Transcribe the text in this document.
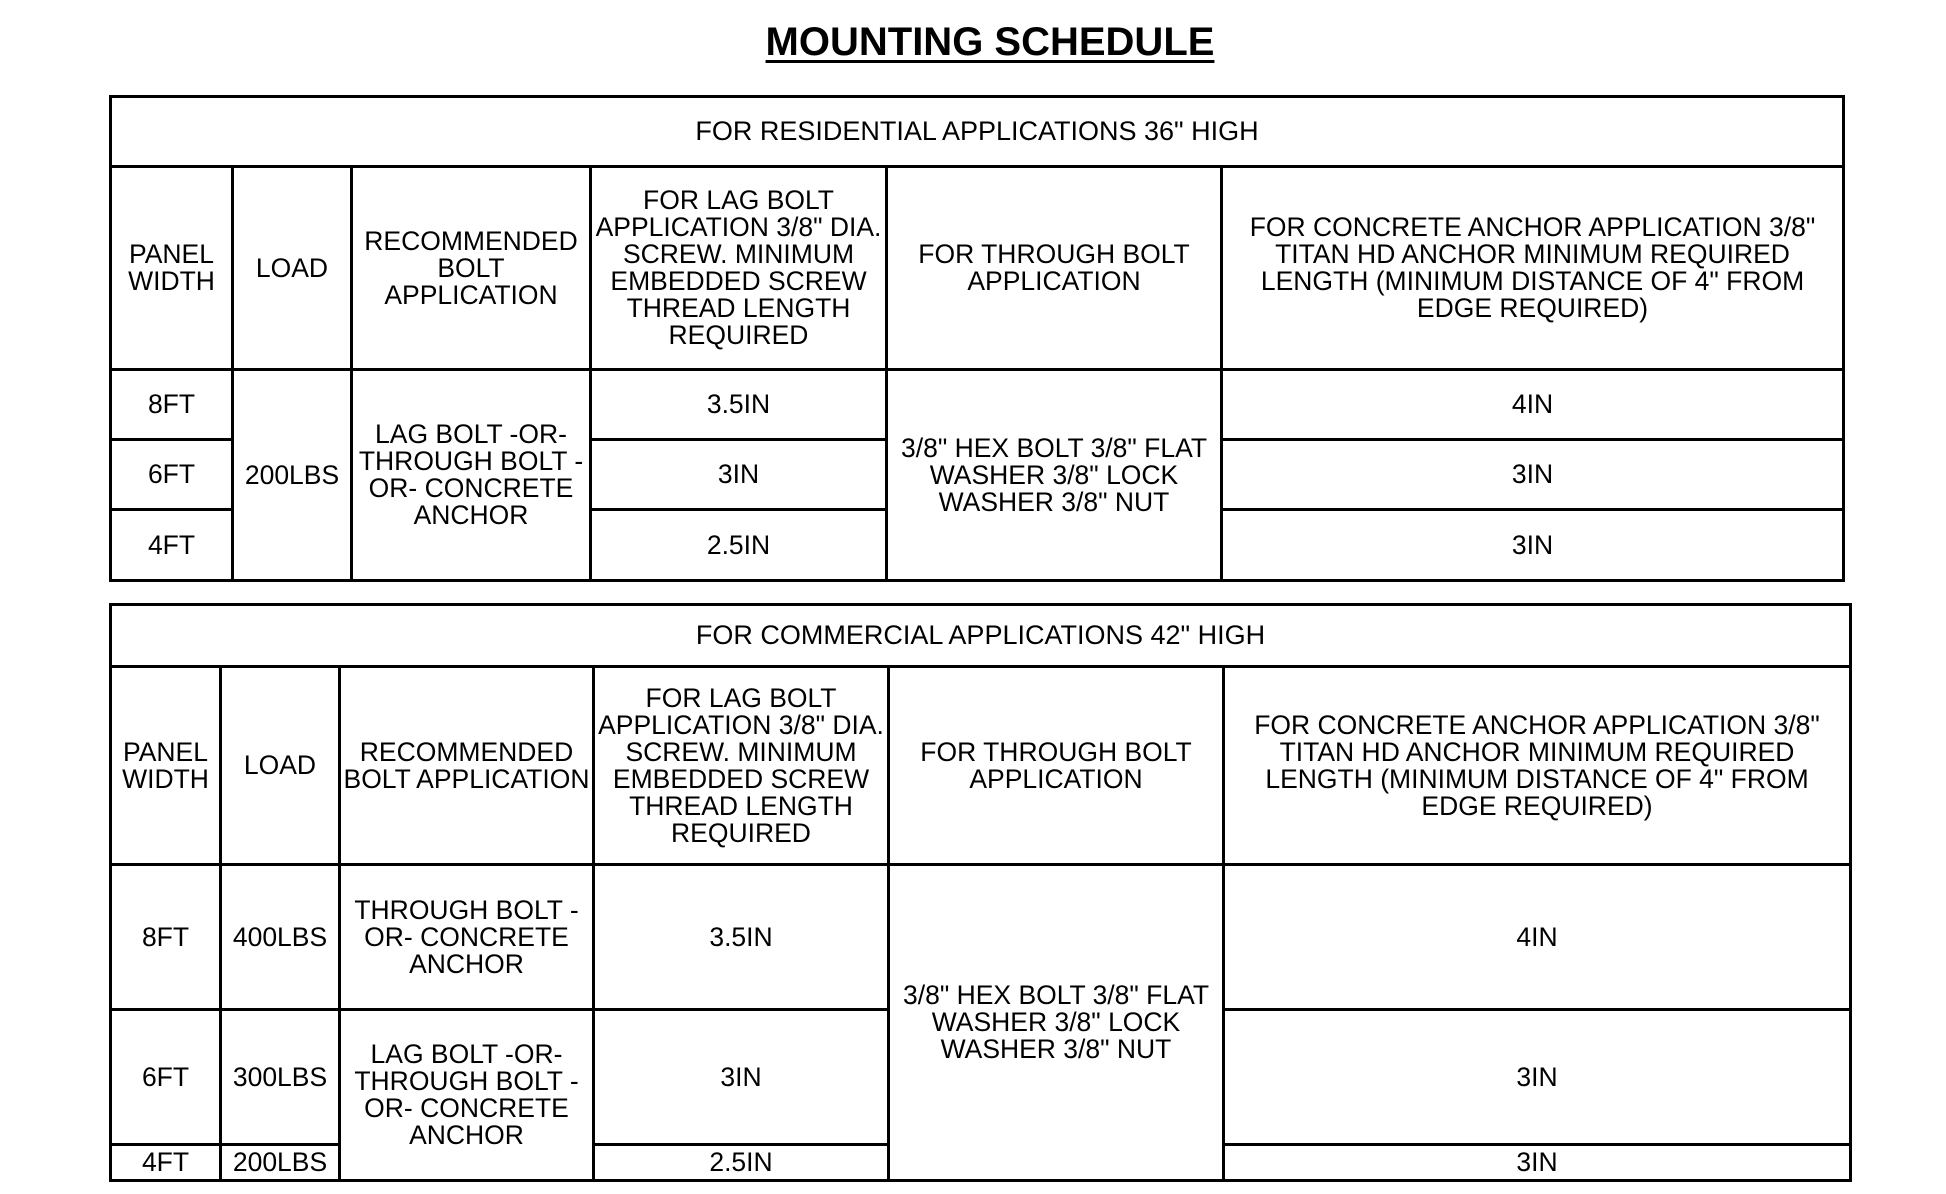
MOUNTING SCHEDULE
FOR RESIDENTIAL APPLICATIONS 36" HIGH					
PANEL WIDTH	LOAD	RECOMMENDED BOLT APPLICATION	FOR LAG BOLT APPLICATION 3/8" DIA. SCREW. MINIMUM EMBEDDED SCREW THREAD LENGTH REQUIRED	FOR THROUGH BOLT APPLICATION	FOR CONCRETE ANCHOR APPLICATION 3/8" TITAN HD ANCHOR MINIMUM REQUIRED LENGTH (MINIMUM DISTANCE OF 4" FROM EDGE REQUIRED)
8FT	200LBS	LAG BOLT -OR- THROUGH BOLT -OR- CONCRETE ANCHOR	3.5IN	3/8" HEX BOLT 3/8" FLAT WASHER 3/8" LOCK WASHER 3/8" NUT	4IN
6FT			3IN		3IN
4FT			2.5IN		3IN
FOR COMMERCIAL APPLICATIONS 42" HIGH					
PANEL WIDTH	LOAD	RECOMMENDED BOLT APPLICATION	FOR LAG BOLT APPLICATION 3/8" DIA. SCREW. MINIMUM EMBEDDED SCREW THREAD LENGTH REQUIRED	FOR THROUGH BOLT APPLICATION	FOR CONCRETE ANCHOR APPLICATION 3/8" TITAN HD ANCHOR MINIMUM REQUIRED LENGTH (MINIMUM DISTANCE OF 4" FROM EDGE REQUIRED)
8FT	400LBS	THROUGH BOLT -OR- CONCRETE ANCHOR	3.5IN	3/8" HEX BOLT 3/8" FLAT WASHER 3/8" LOCK WASHER 3/8" NUT	4IN
6FT	300LBS	LAG BOLT -OR- THROUGH BOLT -OR- CONCRETE ANCHOR	3IN		3IN
4FT	200LBS		2.5IN		3IN
